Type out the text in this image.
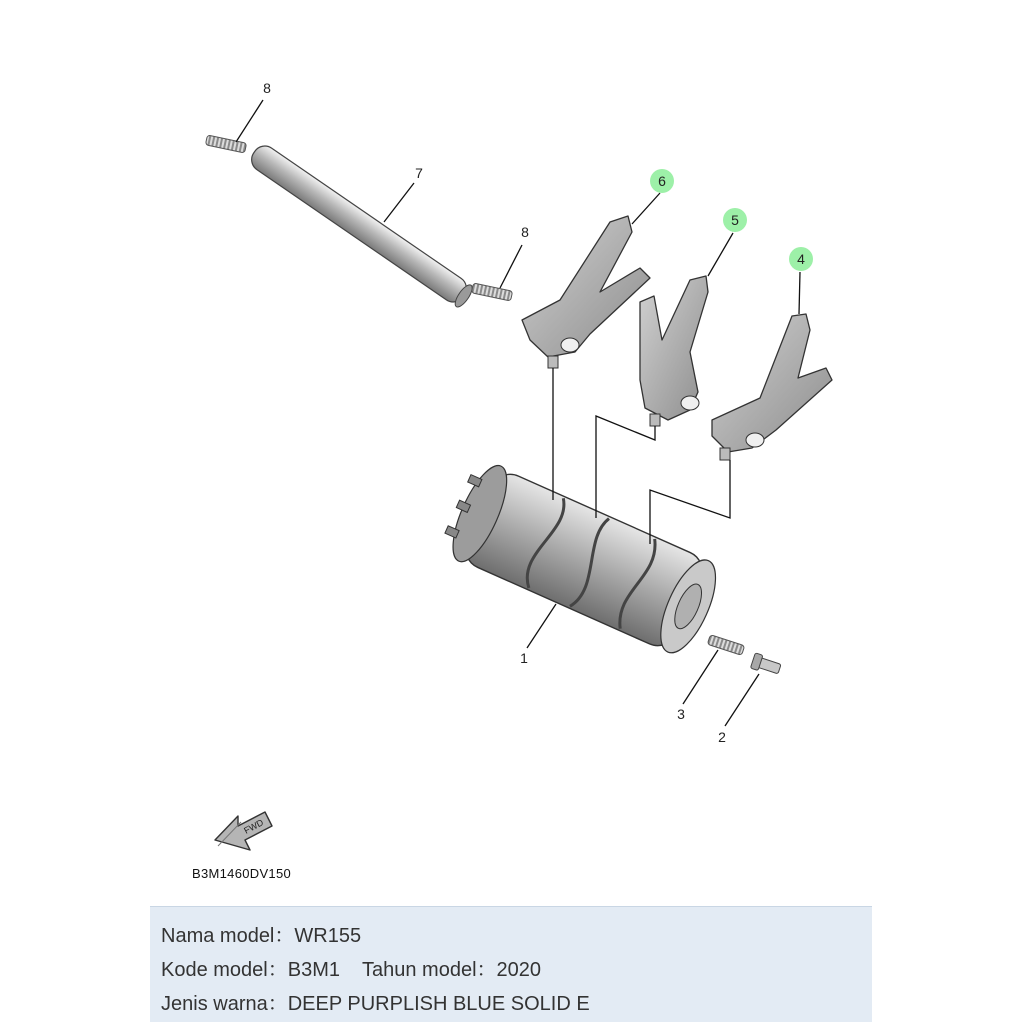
1
2
3
4
5
6
7
8
8
FWD
B3M1460DV150
Nama model：WR155
Kode model：B3M1 Tahun model：2020
Jenis warna：DEEP PURPLISH BLUE SOLID E
